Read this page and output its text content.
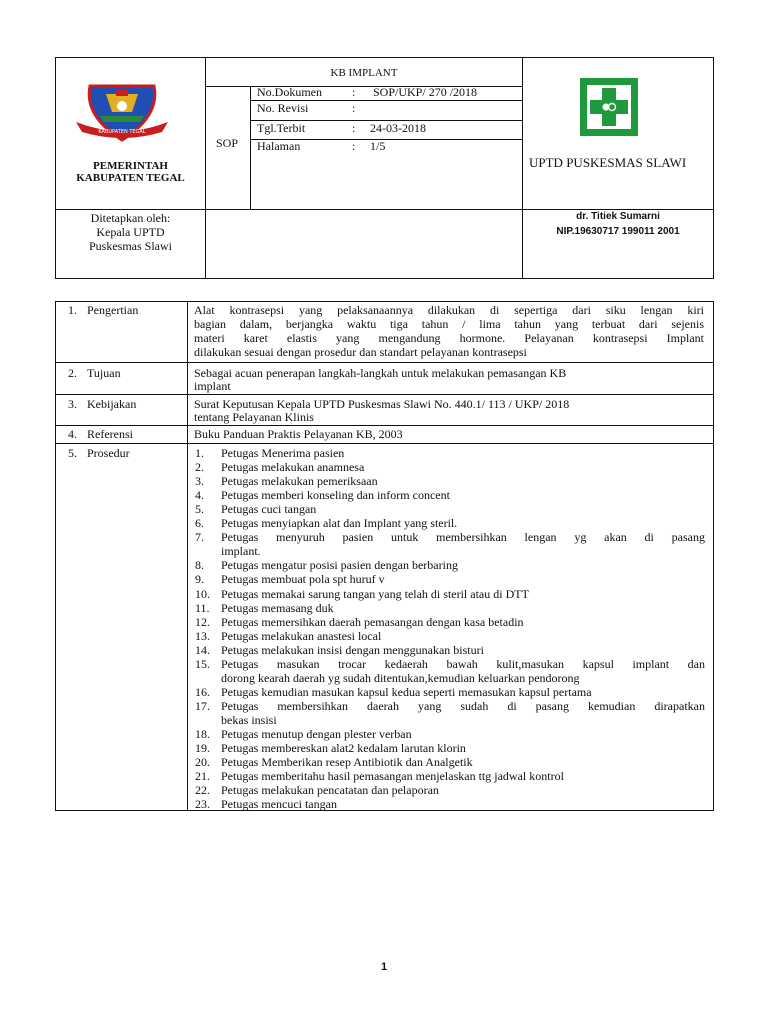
KABUPATEN TEGAL
PEMERINTAH
KABUPATEN TEGAL
KB IMPLANT
SOP
No.Dokumen	: SOP/UKP/ 270 /2018
No. Revisi	:
Tgl.Terbit	: 24-03-2018
Halaman	: 1/5
UPTD PUSKESMAS SLAWI
Ditetapkan oleh:
Kepala UPTD
Puskesmas Slawi
dr. Titiek Sumarni
NIP.19630717 199011 2001
1. Pengertian	Alat kontrasepsi yang pelaksanaannya dilakukan di sepertiga dari siku lengan kiri
bagian dalam, berjangka waktu tiga tahun / lima tahun yang terbuat dari sejenis
materi karet elastis yang mengandung hormone. Pelayanan kontrasepsi Implant
dilakukan sesuai dengan prosedur dan standart pelayanan kontrasepsi
2. Tujuan	Sebagai acuan penerapan langkah-langkah untuk melakukan pemasangan KB
implant
3. Kebijakan	Surat Keputusan Kepala UPTD Puskesmas Slawi No. 440.1/ 113 / UKP/ 2018
tentang Pelayanan Klinis
4. Referensi	Buku Panduan Praktis Pelayanan KB, 2003
5. Prosedur	1. Petugas Menerima pasien
2. Petugas melakukan anamnesa
3. Petugas melakukan pemeriksaan
4. Petugas memberi konseling dan inform concent
5. Petugas cuci tangan
6. Petugas menyiapkan alat dan Implant yang steril.
7. Petugas menyuruh pasien untuk membersihkan lengan yg akan di pasang
implant.
8. Petugas mengatur posisi pasien dengan berbaring
9. Petugas membuat pola spt huruf v
10. Petugas memakai sarung tangan yang telah di steril atau di DTT
11. Petugas memasang duk
12. Petugas memersihkan daerah pemasangan dengan kasa betadin
13. Petugas melakukan anastesi local
14. Petugas melakukan insisi dengan menggunakan bisturi
15. Petugas masukan trocar kedaerah bawah kulit,masukan kapsul implant dan
dorong kearah daerah yg sudah ditentukan,kemudian keluarkan pendorong
16. Petugas kemudian masukan kapsul kedua seperti memasukan kapsul pertama
17. Petugas membersihkan daerah yang sudah di pasang kemudian dirapatkan
bekas insisi
18. Petugas menutup dengan plester verban
19. Petugas membereskan alat2 kedalam larutan klorin
20. Petugas Memberikan resep Antibiotik dan Analgetik
21. Petugas memberitahu hasil pemasangan menjelaskan ttg jadwal kontrol
22. Petugas melakukan pencatatan dan pelaporan
23. Petugas mencuci tangan
1
